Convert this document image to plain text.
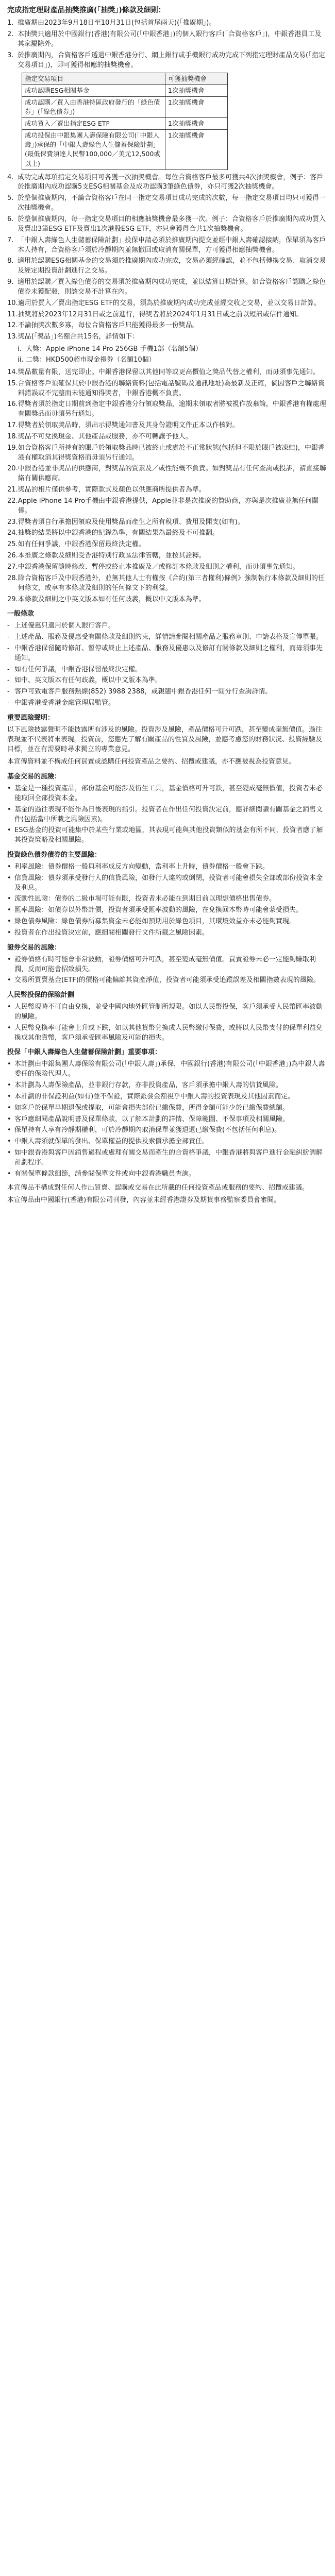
完成指定理財產品抽獎推廣(「抽獎」)條款及細則：
1. 推廣期由2023年9月18日至10月31日(包括首尾兩天)(「推廣期」)。
2. 本抽獎只適用於中國銀行(香港)有限公司(「中銀香港」)的個人銀行客戶(「合資格客戶」)，中銀香港員工及其家屬除外。
3. 於推廣期內，合資格客戶透過中銀香港分行、網上銀行或手機銀行成功完成下列指定理財產品交易(「指定交易項目」)，即可獲得相應的抽獎機會。
指定交易項目	可獲抽獎機會
成功認購ESG相關基金	1次抽獎機會
成功認購／買入由香港特區政府發行的「綠色債券」(「綠色債券」)	1次抽獎機會
成功買入／賣出指定ESG ETF	1次抽獎機會
成功投保由中銀集團人壽保險有限公司(「中銀人壽」)承保的「中銀人壽綠色人生儲蓄保險計劃」(最低保費須達人民幣100,000／美元12,500或以上)	1次抽獎機會
4. 成功完成每項指定交易項目可各獲一次抽獎機會。每位合資格客戶最多可獲共4次抽獎機會，例子：客戶於推廣期內成功認購5支ESG相關基金及成功認購3筆綠色債券，亦只可獲2次抽獎機會。
5. 於整個推廣期內，不論合資格客戶在同一指定交易項目成功完成的次數，每一指定交易項目均只可獲得一次抽獎機會。
6. 於整個推廣期內，每一指定交易項目的相應抽獎機會最多獲一次。例子：合資格客戶於推廣期內成功買入及賣出3筆ESG ETF及賣出1次港股ESG ETF，亦只會獲得合共1次抽獎機會。
7. 「中銀人壽綠色人生儲蓄保險計劃」投保申請必須於推廣期內提交並經中銀人壽確認接納，保單須為客戶本人持有，合資格客戶須於冷靜期內並無撤回或取消有關保單，方可獲得相應抽獎機會。
8. 適用於認購ESG相關基金的交易須於推廣期內成功完成，交易必須經確認，並不包括轉換交易、取消交易及經定期投資計劃進行之交易。
9. 適用於認購／買入綠色債券的交易須於推廣期內成功完成，並以結算日期計算。如合資格客戶認購之綠色債券未獲配發，則該交易不計算在內。
10. 適用於買入／賣出指定ESG ETF的交易，須為於推廣期內成功完成並經交收之交易，並以交易日計算。
11. 抽獎將於2023年12月31日或之前進行，得獎者將於2024年1月31日或之前以短訊或信件通知。
12. 不論抽獎次數多寡，每位合資格客戶只能獲得最多一份獎品。
13. 獎品(「獎品」)名額合共15名，詳情如下：
i. 大獎：Apple iPhone 14 Pro 256GB 手機1部（名額5個）
ii. 二獎：HKD500超市現金禮券（名額10個）
14. 獎品數量有限，送完即止。中銀香港保留以其他同等或更高價值之獎品代替之權利，而毋須事先通知。
15. 合資格客戶須確保其於中銀香港的聯絡資料(包括電話號碼及通訊地址)為最新及正確，倘因客戶之聯絡資料錯誤或不完整而未能通知得獎者，中銀香港概不負責。
16. 得獎者須於指定日期前到指定中銀香港分行領取獎品，逾期未領取者將被視作放棄論，中銀香港有權處理有關獎品而毋須另行通知。
17. 得獎者於領取獎品時，須出示得獎通知書及其身份證明文件正本以作核對。
18. 獎品不可兌換現金、其他產品或服務，亦不可轉讓予他人。
19. 如合資格客戶所持有的賬戶於領取獎品時已被終止或處於不正常狀態(包括但不限於賬戶被凍結)，中銀香港有權取消其得獎資格而毋須另行通知。
20. 中銀香港並非獎品的供應商，對獎品的質素及／或性能概不負責。如對獎品有任何查詢或投訴，請直接聯絡有關供應商。
21. 獎品的相片僅供參考，實際款式及顏色以供應商所提供者為準。
22. Apple iPhone 14 Pro手機由中銀香港提供，Apple並非是次推廣的贊助商，亦與是次推廣並無任何關係。
23. 得獎者須自行承擔因領取及使用獎品而產生之所有稅項、費用及開支(如有)。
24. 抽獎的結果將以中銀香港的紀錄為準，有關結果為最終及不可推翻。
25. 如有任何爭議，中銀香港保留最終決定權。
26. 本推廣之條款及細則受香港特別行政區法律管轄，並按其詮釋。
27. 中銀香港保留隨時修改、暫停或終止本推廣及／或修訂本條款及細則之權利，而毋須事先通知。
28. 除合資格客戶及中銀香港外，並無其他人士有權按《合約(第三者權利)條例》強制執行本條款及細則的任何條文，或享有本條款及細則的任何條文下的利益。
29. 本條款及細則之中英文版本如有任何歧義，概以中文版本為準。
一般條款
- 上述優惠只適用於個人銀行客戶。
- 上述產品、服務及優惠受有關條款及細則約束，詳情請參閱相關產品之服務章則、申請表格及宣傳單張。
- 中銀香港保留隨時修訂、暫停或終止上述產品、服務及優惠以及修訂有關條款及細則之權利，而毋須事先通知。
- 如有任何爭議，中銀香港保留最終決定權。
- 如中、英文版本有任何歧義，概以中文版本為準。
- 客戶可致電客戶服務熱線(852) 3988 2388，或親臨中銀香港任何一間分行查詢詳情。
- 中銀香港受香港金融管理局監管。
重要風險聲明：

以下風險披露聲明不能披露所有涉及的風險。投資涉及風險，產品價格可升可跌，甚至變成毫無價值。過往表現並不代表將來表現。投資前，您應先了解有關產品的性質及風險，並應考慮您的財務狀況、投資經驗及目標，並在有需要時尋求獨立的專業意見。

本宣傳資料並不構成任何買賣或認購任何投資產品之要約、招攬或建議，亦不應被視為投資意見。

基金交易的風險：
• 基金是一種投資產品，部份基金可能涉及衍生工具，基金價格可升可跌，甚至變成毫無價值，投資者未必能取回全部投資本金。
• 基金的過往表現不能作為日後表現的指引。投資者在作出任何投資決定前，應詳細閱讀有關基金之銷售文件(包括當中所載之風險因素)。
• ESG基金的投資可能集中於某些行業或地區，其表現可能與其他投資類似的基金有所不同，投資者應了解其投資策略及相關風險。
投資綠色債券債券的主要風險：
• 利率風險：債券價格一般與利率成反方向變動，當利率上升時，債券價格一般會下跌。
• 信貸風險：債券須承受發行人的信貸風險，如發行人違約或倒閉，投資者可能會損失全部或部份投資本金及利息。
• 流動性風險：債券的二級市場可能有限，投資者未必能在到期日前以理想價格出售債券。
• 匯率風險：如債券以外幣計價，投資者須承受匯率波動的風險，在兌換回本幣時可能會蒙受損失。
• 綠色債券風險：綠色債券所募集資金未必能如預期用於綠色項目，其環境效益亦未必能夠實現。
• 投資者在作出投資決定前，應細閱相關發行文件所載之風險因素。
證券交易的風險：
• 證券價格有時可能會非常波動，證券價格可升可跌，甚至變成毫無價值。買賣證券未必一定能夠賺取利潤，反而可能會招致損失。
• 交易所買賣基金(ETF)的價格可能偏離其資產淨值，投資者可能須承受追蹤誤差及相關指數表現的風險。
人民幣投保的保險計劃
• 人民幣現時不可自由兌換，並受中國內地外匯管制所規限。如以人民幣投保，客戶須承受人民幣匯率波動的風險。
• 人民幣兌換率可能會上升或下跌，如以其他貨幣兌換成人民幣繳付保費，或將以人民幣支付的保單利益兌換成其他貨幣，客戶須承受匯率風險及可能的損失。
投保「中銀人壽綠色人生儲蓄保險計劃」重要事項：
• 本計劃由中銀集團人壽保險有限公司(「中銀人壽」)承保，中國銀行(香港)有限公司(「中銀香港」)為中銀人壽委任的保險代理人。
• 本計劃為人壽保險產品，並非銀行存款，亦非投資產品，客戶須承擔中銀人壽的信貸風險。
• 本計劃的非保證利益(如有)並不保證，實際派發金額視乎中銀人壽的投資表現及其他因素而定。
• 如客戶於保單早期退保或提取，可能會損失部份已繳保費，所得金額可能少於已繳保費總額。
• 客戶應細閱產品說明書及保單條款，以了解本計劃的詳情、保障範圍、不保事項及相關風險。
• 保單持有人享有冷靜期權利，可於冷靜期內取消保單並獲退還已繳保費(不包括任何利息)。
• 中銀人壽須就保單的發出、保單權益的提供及索償承擔全部責任。
• 如中銀香港與客戶因銷售過程或處理有關交易而產生的合資格爭議，中銀香港將與客戶進行金融糾紛調解計劃程序。
• 有關保單條款細節，請參閱保單文件或向中銀香港職員查詢。

本宣傳品不構成對任何人作出買賣、認購或交易在此所載的任何投資產品或服務的要約、招攬或建議。

本宣傳品由中國銀行(香港)有限公司刊發，內容並未經香港證券及期貨事務監察委員會審閱。
